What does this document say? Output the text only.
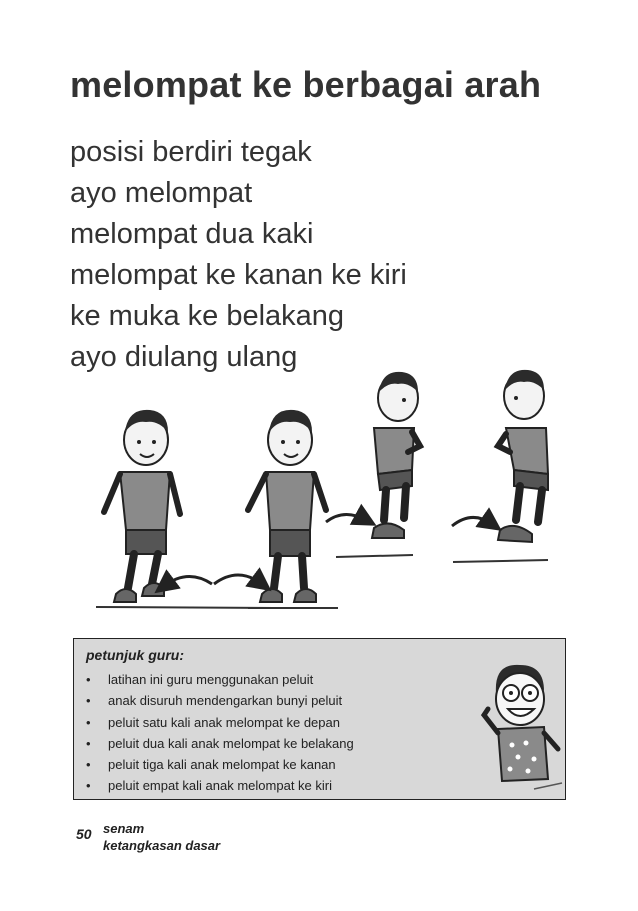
melompat ke berbagai arah
posisi berdiri tegak
ayo melompat
melompat dua kaki
melompat ke kanan ke kiri
ke muka ke belakang
ayo diulang ulang

petunjuk guru:

• latihan ini guru menggunakan peluit
• anak disuruh mendengarkan bunyi peluit
• peluit satu kali anak melompat ke depan
• peluit dua kali anak melompat ke belakang
• peluit tiga kali anak melompat ke kanan
• peluit empat kali anak melompat ke kiri
50 senam
ketangkasan dasar
